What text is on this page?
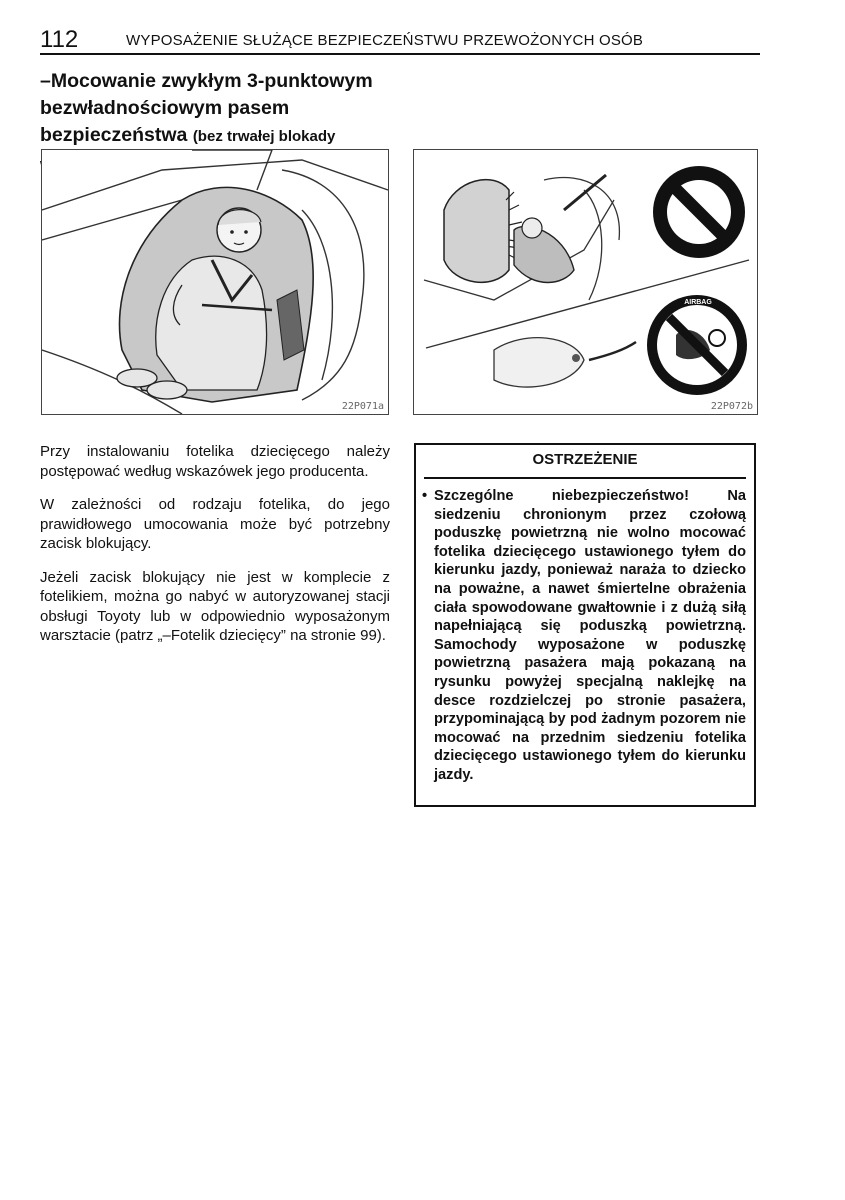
112	WYPOSAŻENIE SŁUŻĄCE BEZPIECZEŃSTWU PRZEWOŻONYCH OSÓB
–Mocowanie zwykłym 3-punktowym bezwładnościowym pasem bezpieczeństwa (bez trwałej blokady
22P071a
AIRBAG
22P072b

Przy instalowaniu fotelika dziecięcego należy postępować według wskazówek jego producenta.

W zależności od rodzaju fotelika, do jego prawidłowego umocowania może być potrzebny zacisk blokujący.

Jeżeli zacisk blokujący nie jest w komplecie z fotelikiem, można go nabyć w autoryzowanej stacji obsługi Toyoty lub w odpowiednio wyposażonym warsztacie (patrz „–Fotelik dziecięcy” na stronie 99).

OSTRZEŻENIE
• Szczególne niebezpieczeństwo! Na siedzeniu chronionym przez czołową poduszkę powietrzną nie wolno mocować fotelika dziecięcego ustawionego tyłem do kierunku jazdy, ponieważ naraża to dziecko na poważne, a nawet śmiertelne obrażenia ciała spowodowane gwałtownie i z dużą siłą napełniającą się poduszką powietrzną. Samochody wyposażone w poduszkę powietrzną pasażera mają pokazaną na rysunku powyżej specjalną naklejkę na desce rozdzielczej po stronie pasażera, przypominającą by pod żadnym pozorem nie mocować na przednim siedzeniu fotelika dziecięcego ustawionego tyłem do kierunku jazdy.
